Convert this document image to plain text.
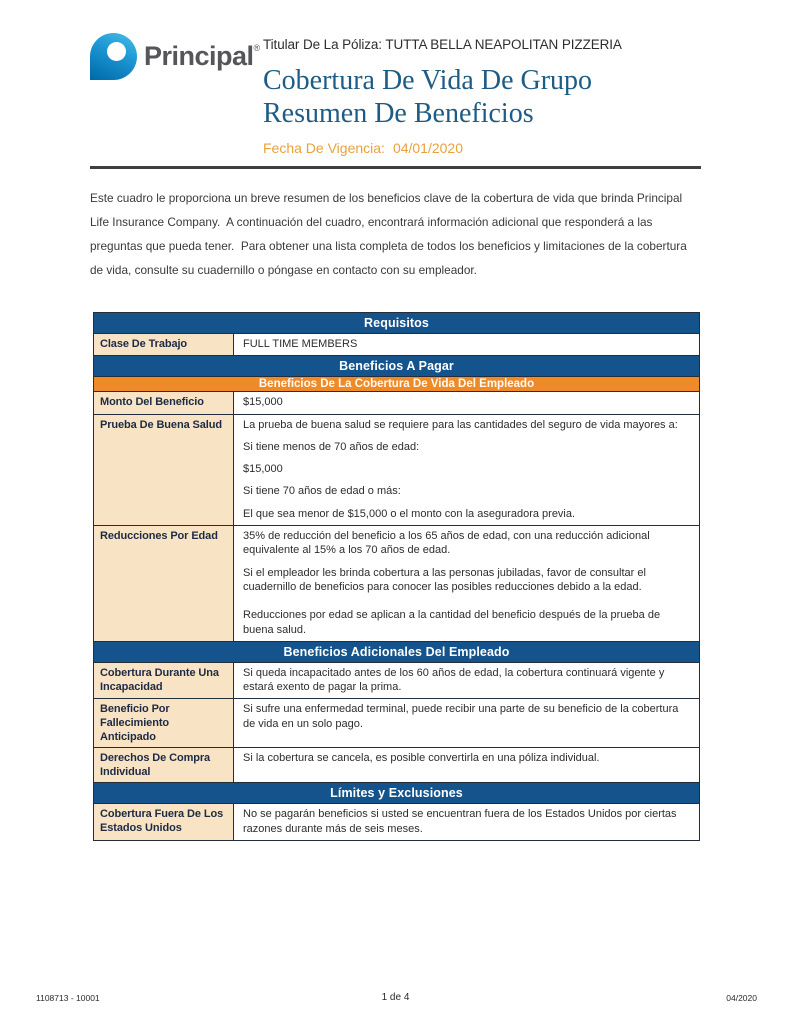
Principal® Titular De La Póliza: TUTTA BELLA NEAPOLITAN PIZZERIA
Cobertura De Vida De Grupo
Resumen De Beneficios
Fecha De Vigencia: 04/01/2020
Este cuadro le proporciona un breve resumen de los beneficios clave de la cobertura de vida que brinda Principal Life Insurance Company.  A continuación del cuadro, encontrará información adicional que responderá a las preguntas que pueda tener.  Para obtener una lista completa de todos los beneficios y limitaciones de la cobertura de vida, consulte su cuadernillo o póngase en contacto con su empleador.
Requisitos	
Clase De Trabajo	FULL TIME MEMBERS

Beneficios A Pagar	
Beneficios De La Cobertura De Vida Del Empleado	
Monto Del Beneficio	$15,000

Prueba De Buena Salud	La prueba de buena salud se requiere para las cantidades del seguro de vida mayores a:

Si tiene menos de 70 años de edad:

$15,000

Si tiene 70 años de edad o más:

El que sea menor de $15,000 o el monto con la aseguradora previa.

Reducciones Por Edad	35% de reducción del beneficio a los 65 años de edad, con una reducción adicional equivalente al 15% a los 70 años de edad.

Si el empleador les brinda cobertura a las personas jubiladas, favor de consultar el cuadernillo de beneficios para conocer las posibles reducciones debido a la edad.

Reducciones por edad se aplican a la cantidad del beneficio después de la prueba de buena salud.

Beneficios Adicionales Del Empleado	
Cobertura Durante Una Incapacidad	Si queda incapacitado antes de los 60 años de edad, la cobertura continuará vigente y estará exento de pagar la prima.

Beneficio Por Fallecimiento Anticipado	Si sufre una enfermedad terminal, puede recibir una parte de su beneficio de la cobertura de vida en un solo pago.

Derechos De Compra Individual	Si la cobertura se cancela, es posible convertirla en una póliza individual.

Límites y Exclusiones	
Cobertura Fuera De Los Estados Unidos	No se pagarán beneficios si usted se encuentran fuera de los Estados Unidos por ciertas razones durante más de seis meses.

1108713 - 10001	1 de 4	04/2020
